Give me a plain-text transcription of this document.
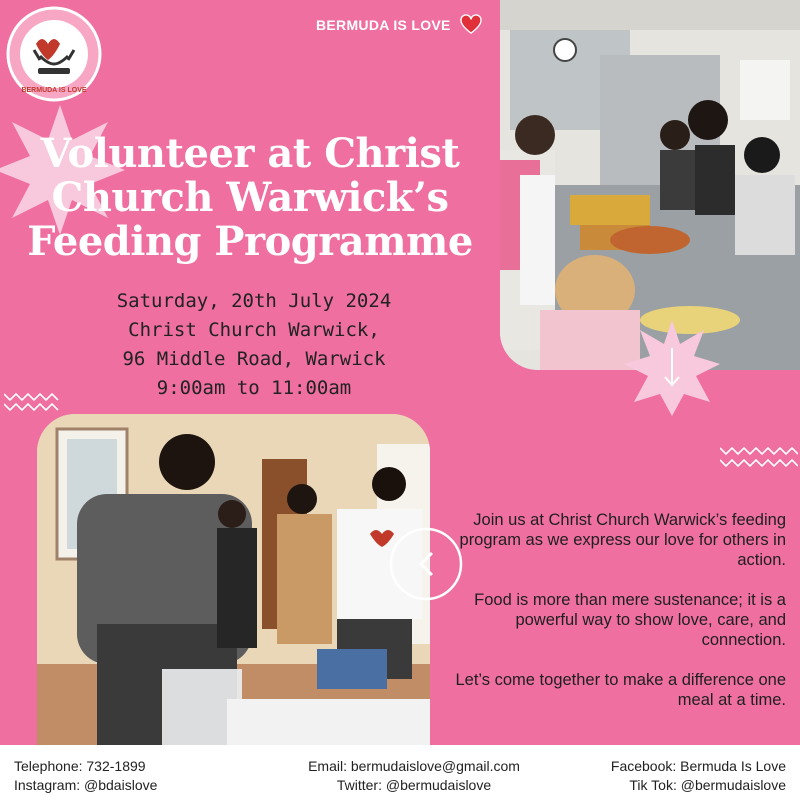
BERMUDA IS LOVE
BERMUDA IS LOVE
Volunteer at Christ
Church Warwick’s
Feeding Programme
Saturday, 20th July 2024
Christ Church Warwick,
96 Middle Road, Warwick
9:00am to 11:00am

Join us at Christ Church Warwick’s feeding program as we express our love for others in action.

Food is more than mere sustenance; it is a powerful way to show love, care, and connection.

Let’s come together to make a difference one meal at a time.

Telephone: 732-1899
Instagram: @bdaislove
Email: bermudaislove@gmail.com
Twitter: @bermudaislove
Facebook: Bermuda Is Love
Tik Tok: @bermudaislove
